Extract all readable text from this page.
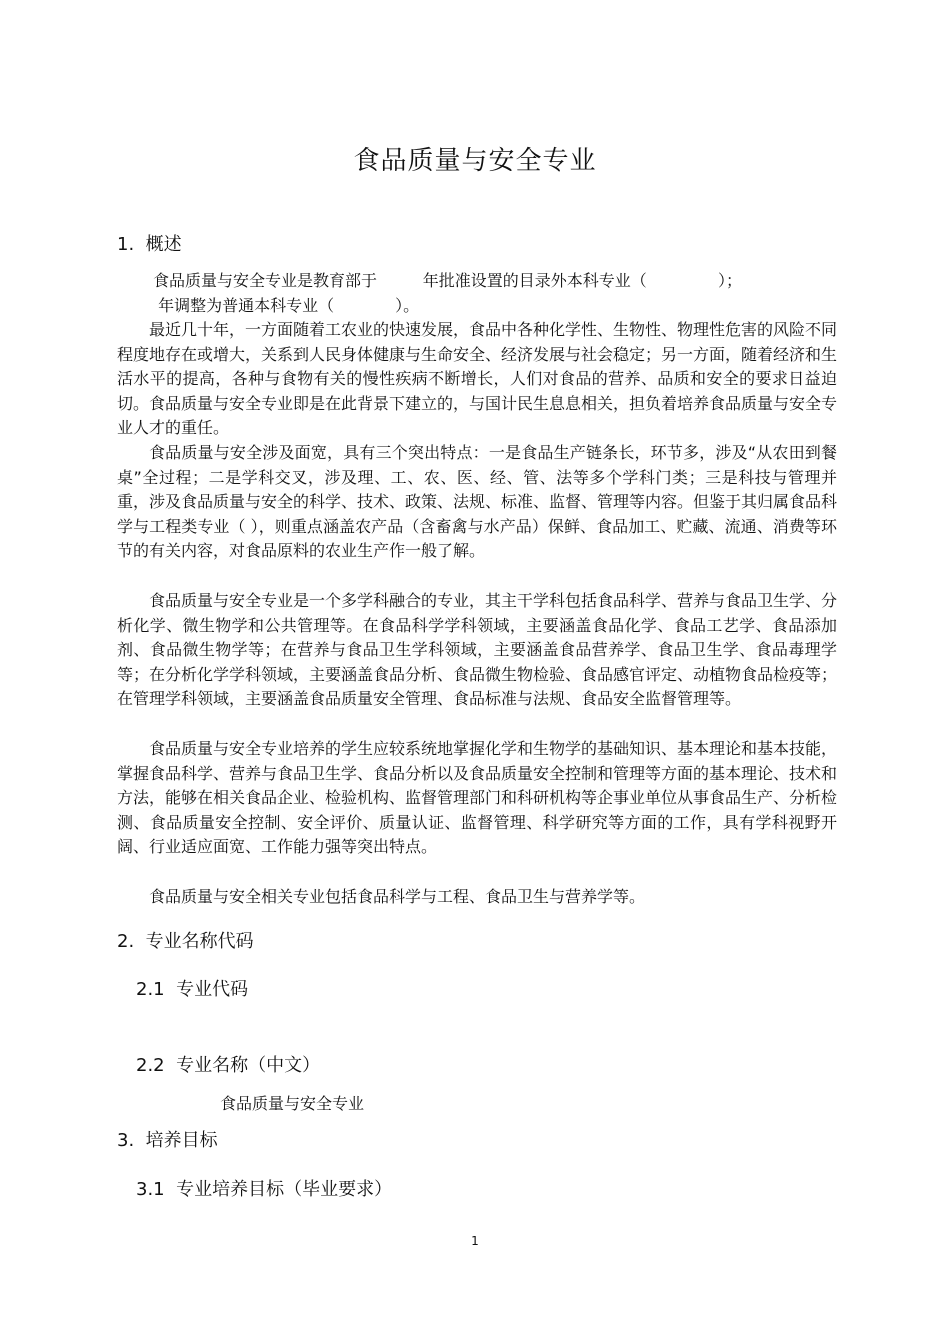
食品质量与安全专业
1.  概述
食品质量与安全专业是教育部于         年批准设置的目录外本科专业（              ）；
年调整为普通本科专业（            ）。

最近几十年，一方面随着工农业的快速发展，食品中各种化学性、生物性、物理性危害的风险不同程度地存在或增大，关系到人民身体健康与生命安全、经济发展与社会稳定；另一方面，随着经济和生活水平的提高，各种与食物有关的慢性疾病不断增长，人们对食品的营养、品质和安全的要求日益迫切。食品质量与安全专业即是在此背景下建立的，与国计民生息息相关，担负着培养食品质量与安全专业人才的重任。

食品质量与安全涉及面宽，具有三个突出特点：一是食品生产链条长，环节多，涉及“从农田到餐桌”全过程；二是学科交叉，涉及理、工、农、医、经、管、法等多个学科门类；三是科技与管理并重，涉及食品质量与安全的科学、技术、政策、法规、标准、监督、管理等内容。但鉴于其归属食品科学与工程类专业（ ），则重点涵盖农产品（含畜禽与水产品）保鲜、食品加工、贮藏、流通、消费等环节的有关内容，对食品原料的农业生产作一般了解。

食品质量与安全专业是一个多学科融合的专业，其主干学科包括食品科学、营养与食品卫生学、分析化学、微生物学和公共管理等。在食品科学学科领域，主要涵盖食品化学、食品工艺学、食品添加剂、食品微生物学等；在营养与食品卫生学科领域，主要涵盖食品营养学、食品卫生学、食品毒理学等；在分析化学学科领域，主要涵盖食品分析、食品微生物检验、食品感官评定、动植物食品检疫等；在管理学科领域，主要涵盖食品质量安全管理、食品标准与法规、食品安全监督管理等。

食品质量与安全专业培养的学生应较系统地掌握化学和生物学的基础知识、基本理论和基本技能，掌握食品科学、营养与食品卫生学、食品分析以及食品质量安全控制和管理等方面的基本理论、技术和方法，能够在相关食品企业、检验机构、监督管理部门和科研机构等企事业单位从事食品生产、分析检测、食品质量安全控制、安全评价、质量认证、监督管理、科学研究等方面的工作，具有学科视野开阔、行业适应面宽、工作能力强等突出特点。

食品质量与安全相关专业包括食品科学与工程、食品卫生与营养学等。

2.  专业名称代码
2.1  专业代码
2.2  专业名称（中文）
食品质量与安全专业
3.  培养目标
3.1  专业培养目标（毕业要求）
1
